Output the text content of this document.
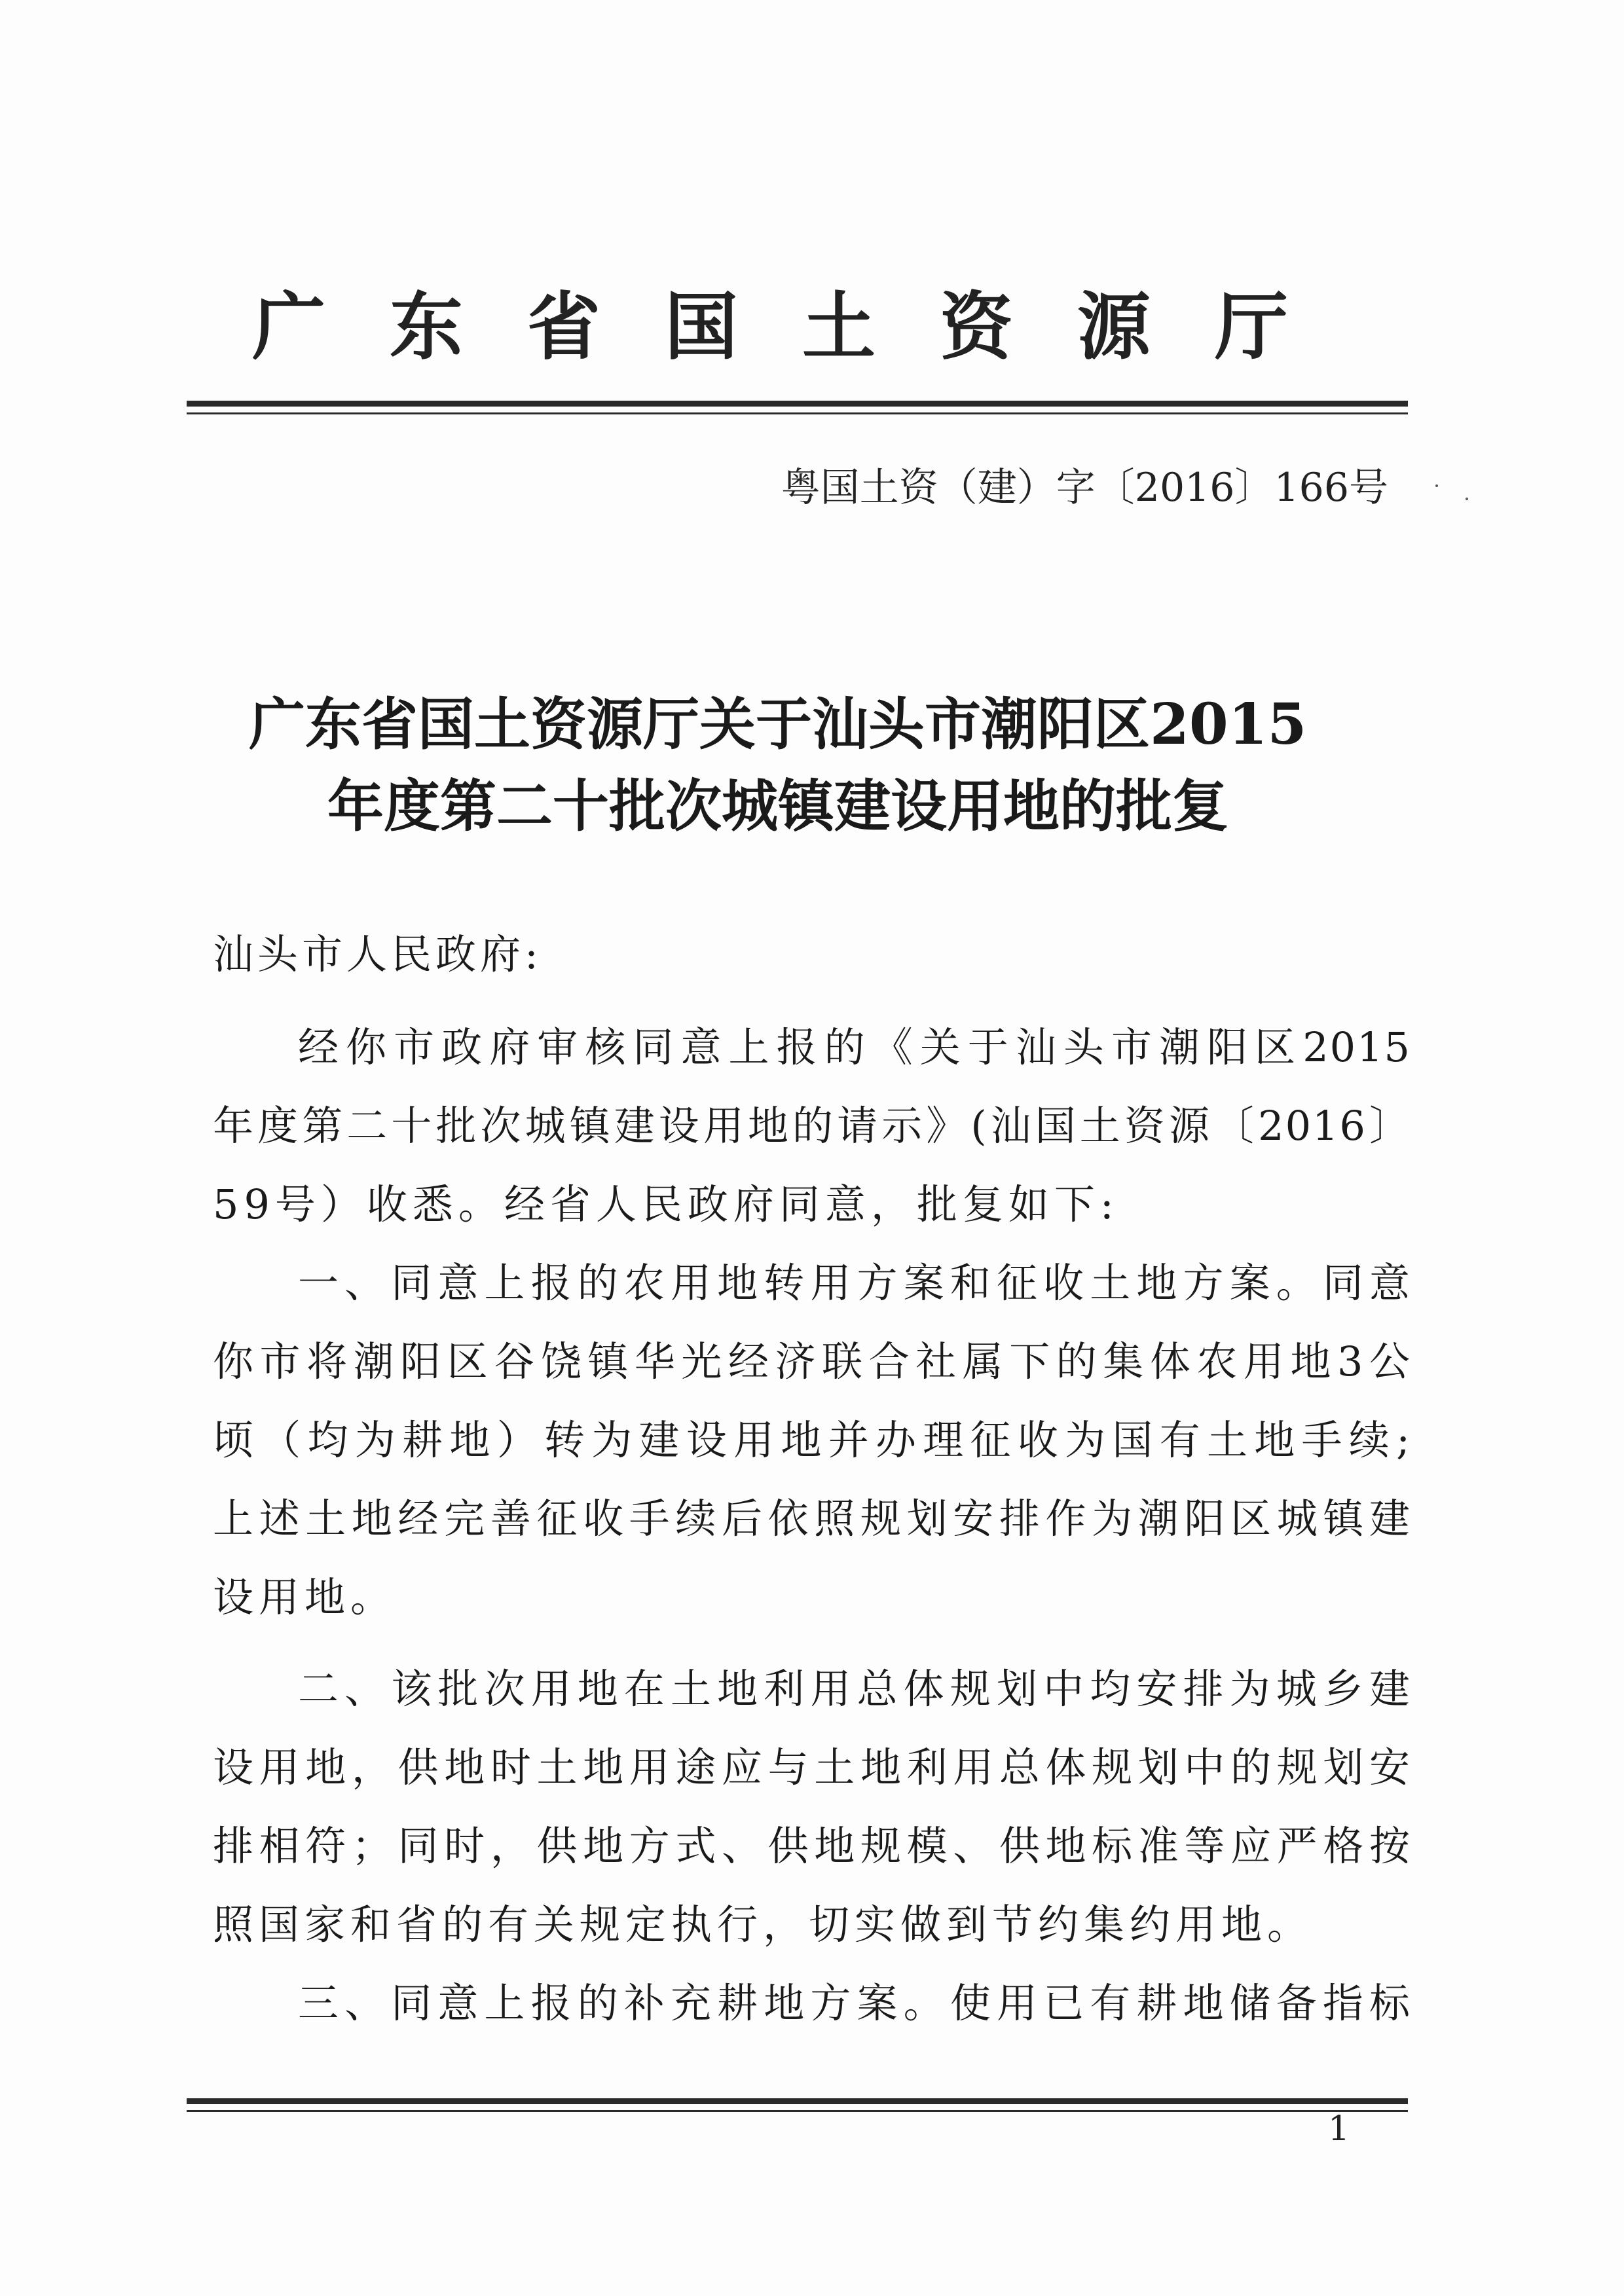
广东省国土资源厅
粤国土资（建）字〔2016〕166号
广东省国土资源厅关于汕头市潮阳区2015
年度第二十批次城镇建设用地的批复
汕头市人民政府:
经你市政府审核同意上报的《关于汕头市潮阳区2015
年度第二十批次城镇建设用地的请示》(汕国土资源〔2016〕
59号）收悉。经省人民政府同意，批复如下:
一、同意上报的农用地转用方案和征收土地方案。同意
你市将潮阳区谷饶镇华光经济联合社属下的集体农用地3公
顷（均为耕地）转为建设用地并办理征收为国有土地手续;
上述土地经完善征收手续后依照规划安排作为潮阳区城镇建
设用地。
二、该批次用地在土地利用总体规划中均安排为城乡建
设用地，供地时土地用途应与土地利用总体规划中的规划安
排相符；同时，供地方式、供地规模、供地标准等应严格按
照国家和省的有关规定执行，切实做到节约集约用地。
三、同意上报的补充耕地方案。使用已有耕地储备指标
1
